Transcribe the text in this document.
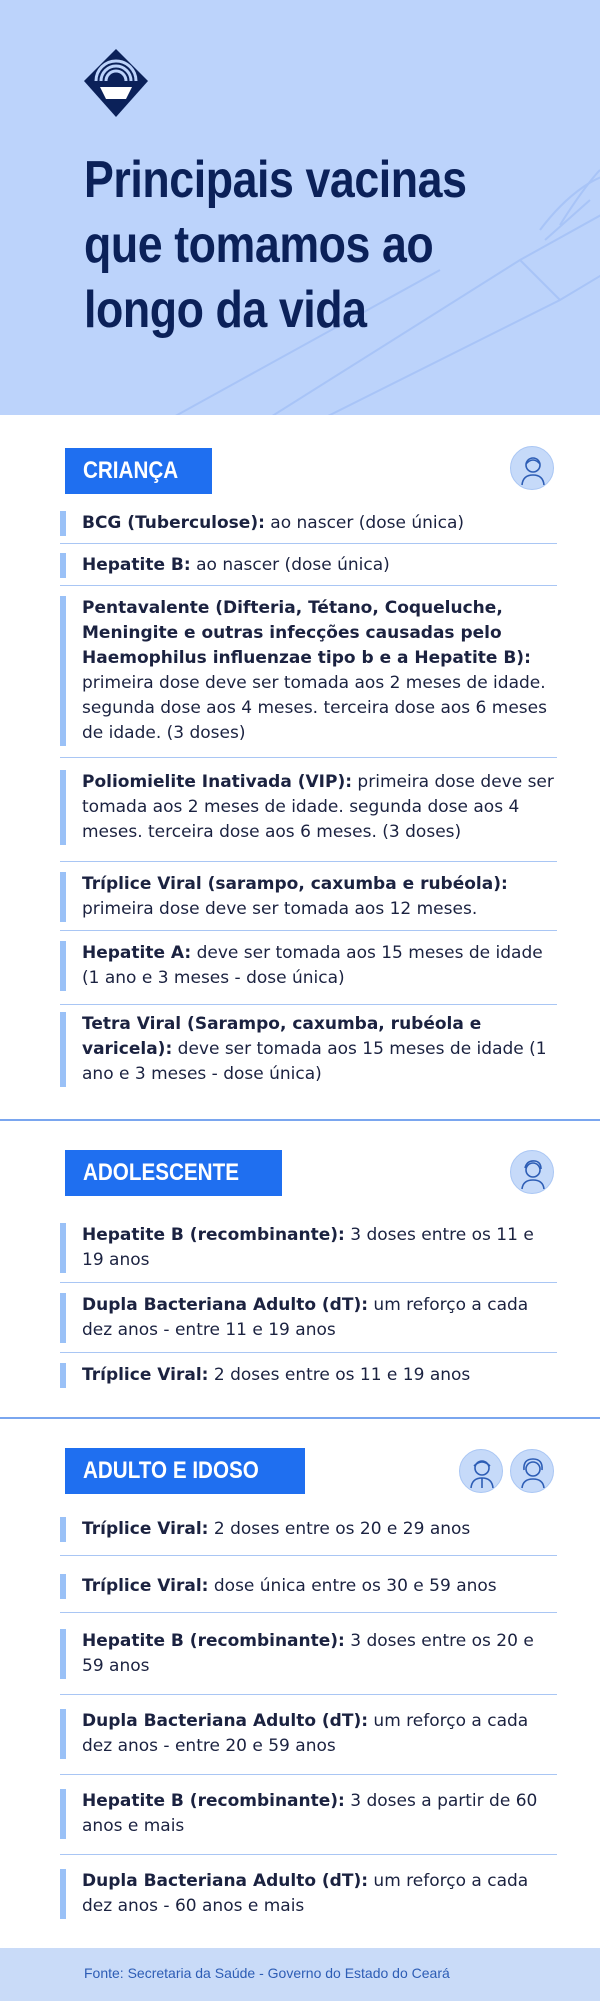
Principais vacinas
que tomamos ao
longo da vida
CRIANÇA
BCG (Tuberculose): ao nascer (dose única)
Hepatite B: ao nascer (dose única)
Pentavalente (Difteria, Tétano, Coqueluche, Meningite e outras infecções causadas pelo Haemophilus influenzae tipo b e a Hepatite B): primeira dose deve ser tomada aos 2 meses de idade. segunda dose aos 4 meses. terceira dose aos 6 meses de idade. (3 doses)
Poliomielite Inativada (VIP): primeira dose deve ser tomada aos 2 meses de idade. segunda dose aos 4 meses. terceira dose aos 6 meses. (3 doses)
Tríplice Viral (sarampo, caxumba e rubéola): primeira dose deve ser tomada aos 12 meses.
Hepatite A: deve ser tomada aos 15 meses de idade (1 ano e 3 meses - dose única)
Tetra Viral (Sarampo, caxumba, rubéola e varicela): deve ser tomada aos 15 meses de idade (1 ano e 3 meses - dose única)
ADOLESCENTE
Hepatite B (recombinante): 3 doses entre os 11 e 19 anos
Dupla Bacteriana Adulto (dT): um reforço a cada dez anos - entre 11 e 19 anos
Tríplice Viral: 2 doses entre os 11 e 19 anos
ADULTO E IDOSO
Tríplice Viral: 2 doses entre os 20 e 29 anos
Tríplice Viral: dose única entre os 30 e 59 anos
Hepatite B (recombinante): 3 doses entre os 20 e 59 anos
Dupla Bacteriana Adulto (dT): um reforço a cada dez anos - entre 20 e 59 anos
Hepatite B (recombinante): 3 doses a partir de 60 anos e mais
Dupla Bacteriana Adulto (dT): um reforço a cada dez anos - 60 anos e mais
Fonte: Secretaria da Saúde - Governo do Estado do Ceará
